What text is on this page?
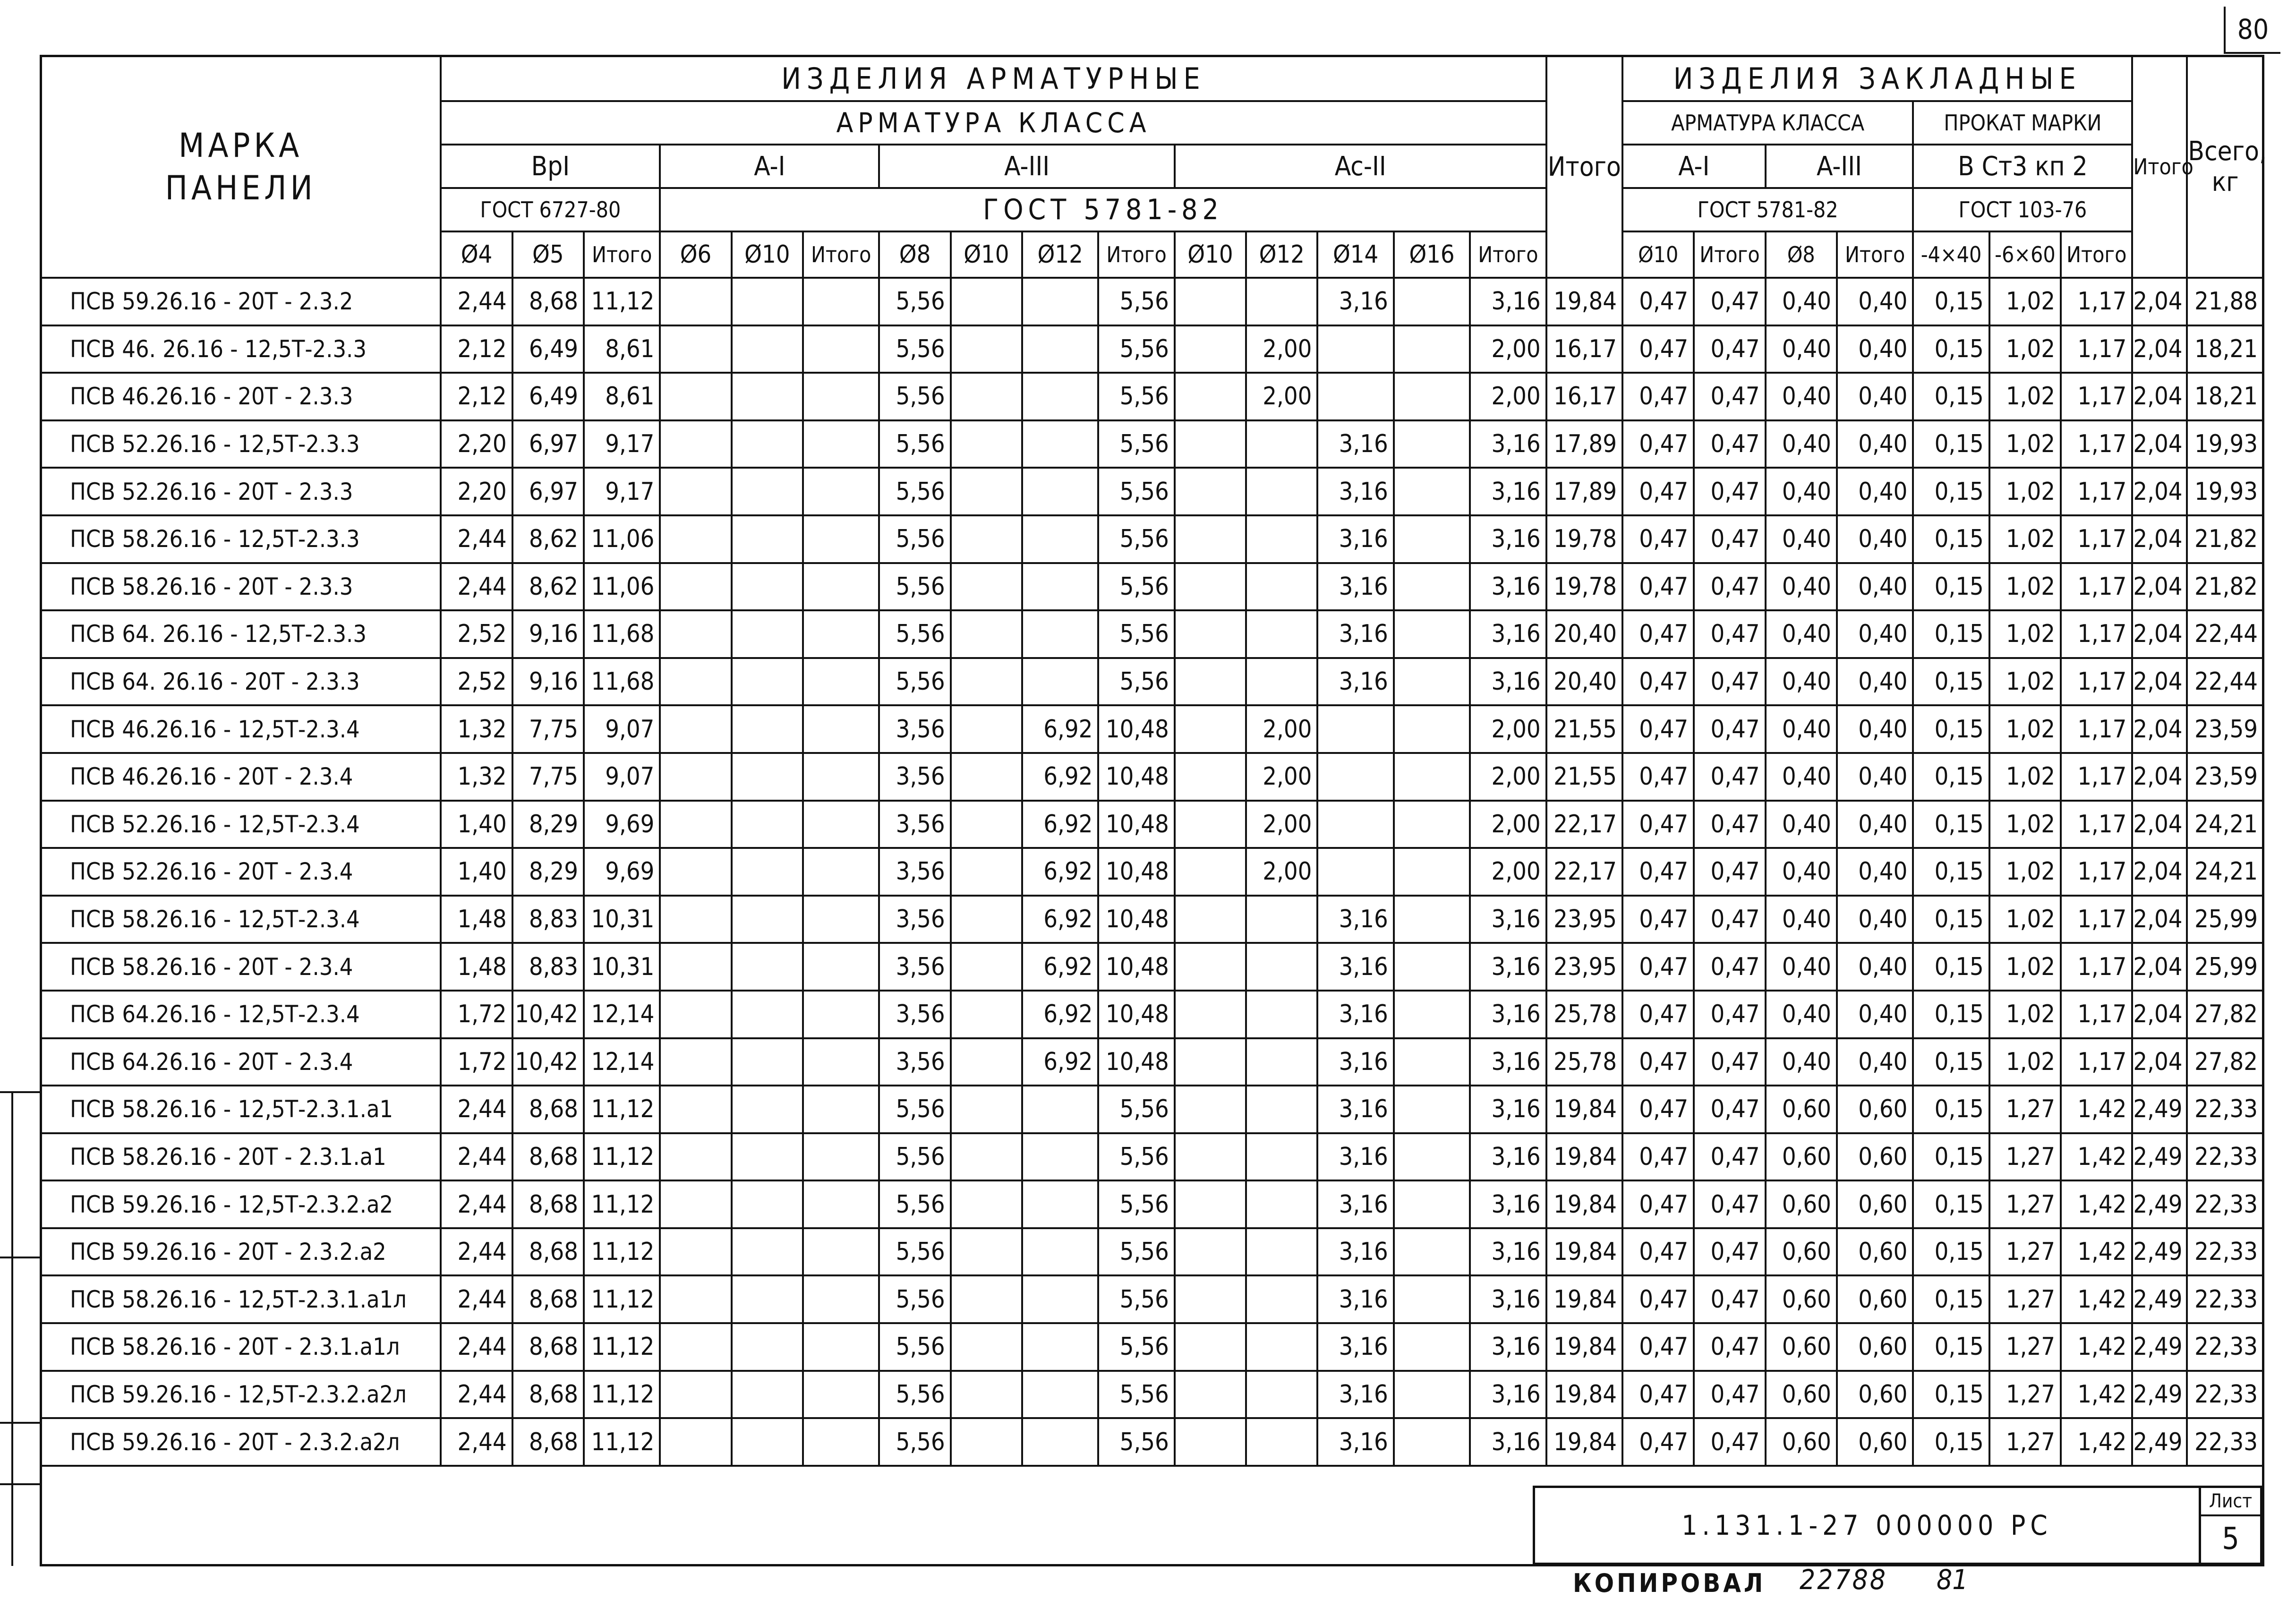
80
МАРКА
ПАНЕЛИ	ИЗДЕЛИЯ АРМАТУРНЫЕ															Итого	ИЗДЕЛИЯ ЗАКЛАДНЫЕ							Итого	Всего, кг
	АРМАТУРА КЛАССА																АРМАТУРА КЛАССА				ПРОКАТ МАРКИ				
	BpI			A-I			A-III				Ac-II						A-I		A-III		В Ст3 кп 2				
	ГОСТ 6727-80			ГОСТ 5781-82													ГОСТ 5781-82				ГОСТ 103-76				
	Ø4	Ø5	Итого	Ø6	Ø10	Итого	Ø8	Ø10	Ø12	Итого	Ø10	Ø12	Ø14	Ø16	Итого		Ø10	Итого	Ø8	Итого	-4×40	-6×60	Итого		
ПСВ 59.26.16 - 20Т - 2.3.2	2,44	8,68	11,12				5,56			5,56			3,16		3,16	19,84	0,47	0,47	0,40	0,40	0,15	1,02	1,17	2,04	21,88
ПСВ 46. 26.16 - 12,5Т-2.3.3	2,12	6,49	8,61				5,56			5,56		2,00			2,00	16,17	0,47	0,47	0,40	0,40	0,15	1,02	1,17	2,04	18,21
ПСВ 46.26.16 - 20Т - 2.3.3	2,12	6,49	8,61				5,56			5,56		2,00			2,00	16,17	0,47	0,47	0,40	0,40	0,15	1,02	1,17	2,04	18,21
ПСВ 52.26.16 - 12,5Т-2.3.3	2,20	6,97	9,17				5,56			5,56			3,16		3,16	17,89	0,47	0,47	0,40	0,40	0,15	1,02	1,17	2,04	19,93
ПСВ 52.26.16 - 20Т - 2.3.3	2,20	6,97	9,17				5,56			5,56			3,16		3,16	17,89	0,47	0,47	0,40	0,40	0,15	1,02	1,17	2,04	19,93
ПСВ 58.26.16 - 12,5Т-2.3.3	2,44	8,62	11,06				5,56			5,56			3,16		3,16	19,78	0,47	0,47	0,40	0,40	0,15	1,02	1,17	2,04	21,82
ПСВ 58.26.16 - 20Т - 2.3.3	2,44	8,62	11,06				5,56			5,56			3,16		3,16	19,78	0,47	0,47	0,40	0,40	0,15	1,02	1,17	2,04	21,82
ПСВ 64. 26.16 - 12,5Т-2.3.3	2,52	9,16	11,68				5,56			5,56			3,16		3,16	20,40	0,47	0,47	0,40	0,40	0,15	1,02	1,17	2,04	22,44
ПСВ 64. 26.16 - 20Т - 2.3.3	2,52	9,16	11,68				5,56			5,56			3,16		3,16	20,40	0,47	0,47	0,40	0,40	0,15	1,02	1,17	2,04	22,44
ПСВ 46.26.16 - 12,5Т-2.3.4	1,32	7,75	9,07				3,56		6,92	10,48		2,00			2,00	21,55	0,47	0,47	0,40	0,40	0,15	1,02	1,17	2,04	23,59
ПСВ 46.26.16 - 20Т - 2.3.4	1,32	7,75	9,07				3,56		6,92	10,48		2,00			2,00	21,55	0,47	0,47	0,40	0,40	0,15	1,02	1,17	2,04	23,59
ПСВ 52.26.16 - 12,5Т-2.3.4	1,40	8,29	9,69				3,56		6,92	10,48		2,00			2,00	22,17	0,47	0,47	0,40	0,40	0,15	1,02	1,17	2,04	24,21
ПСВ 52.26.16 - 20Т - 2.3.4	1,40	8,29	9,69				3,56		6,92	10,48		2,00			2,00	22,17	0,47	0,47	0,40	0,40	0,15	1,02	1,17	2,04	24,21
ПСВ 58.26.16 - 12,5Т-2.3.4	1,48	8,83	10,31				3,56		6,92	10,48			3,16		3,16	23,95	0,47	0,47	0,40	0,40	0,15	1,02	1,17	2,04	25,99
ПСВ 58.26.16 - 20Т - 2.3.4	1,48	8,83	10,31				3,56		6,92	10,48			3,16		3,16	23,95	0,47	0,47	0,40	0,40	0,15	1,02	1,17	2,04	25,99
ПСВ 64.26.16 - 12,5Т-2.3.4	1,72	10,42	12,14				3,56		6,92	10,48			3,16		3,16	25,78	0,47	0,47	0,40	0,40	0,15	1,02	1,17	2,04	27,82
ПСВ 64.26.16 - 20Т - 2.3.4	1,72	10,42	12,14				3,56		6,92	10,48			3,16		3,16	25,78	0,47	0,47	0,40	0,40	0,15	1,02	1,17	2,04	27,82
ПСВ 58.26.16 - 12,5Т-2.3.1.а1	2,44	8,68	11,12				5,56			5,56			3,16		3,16	19,84	0,47	0,47	0,60	0,60	0,15	1,27	1,42	2,49	22,33
ПСВ 58.26.16 - 20Т - 2.3.1.а1	2,44	8,68	11,12				5,56			5,56			3,16		3,16	19,84	0,47	0,47	0,60	0,60	0,15	1,27	1,42	2,49	22,33
ПСВ 59.26.16 - 12,5Т-2.3.2.а2	2,44	8,68	11,12				5,56			5,56			3,16		3,16	19,84	0,47	0,47	0,60	0,60	0,15	1,27	1,42	2,49	22,33
ПСВ 59.26.16 - 20Т - 2.3.2.а2	2,44	8,68	11,12				5,56			5,56			3,16		3,16	19,84	0,47	0,47	0,60	0,60	0,15	1,27	1,42	2,49	22,33
ПСВ 58.26.16 - 12,5Т-2.3.1.а1л	2,44	8,68	11,12				5,56			5,56			3,16		3,16	19,84	0,47	0,47	0,60	0,60	0,15	1,27	1,42	2,49	22,33
ПСВ 58.26.16 - 20Т - 2.3.1.а1л	2,44	8,68	11,12				5,56			5,56			3,16		3,16	19,84	0,47	0,47	0,60	0,60	0,15	1,27	1,42	2,49	22,33
ПСВ 59.26.16 - 12,5Т-2.3.2.а2л	2,44	8,68	11,12				5,56			5,56			3,16		3,16	19,84	0,47	0,47	0,60	0,60	0,15	1,27	1,42	2,49	22,33
ПСВ 59.26.16 - 20Т - 2.3.2.а2л	2,44	8,68	11,12				5,56			5,56			3,16		3,16	19,84	0,47	0,47	0,60	0,60	0,15	1,27	1,42	2,49	22,33
1.131.1-27 000000 РС
Лист
5
КОПИРОВАЛ 22788 81
